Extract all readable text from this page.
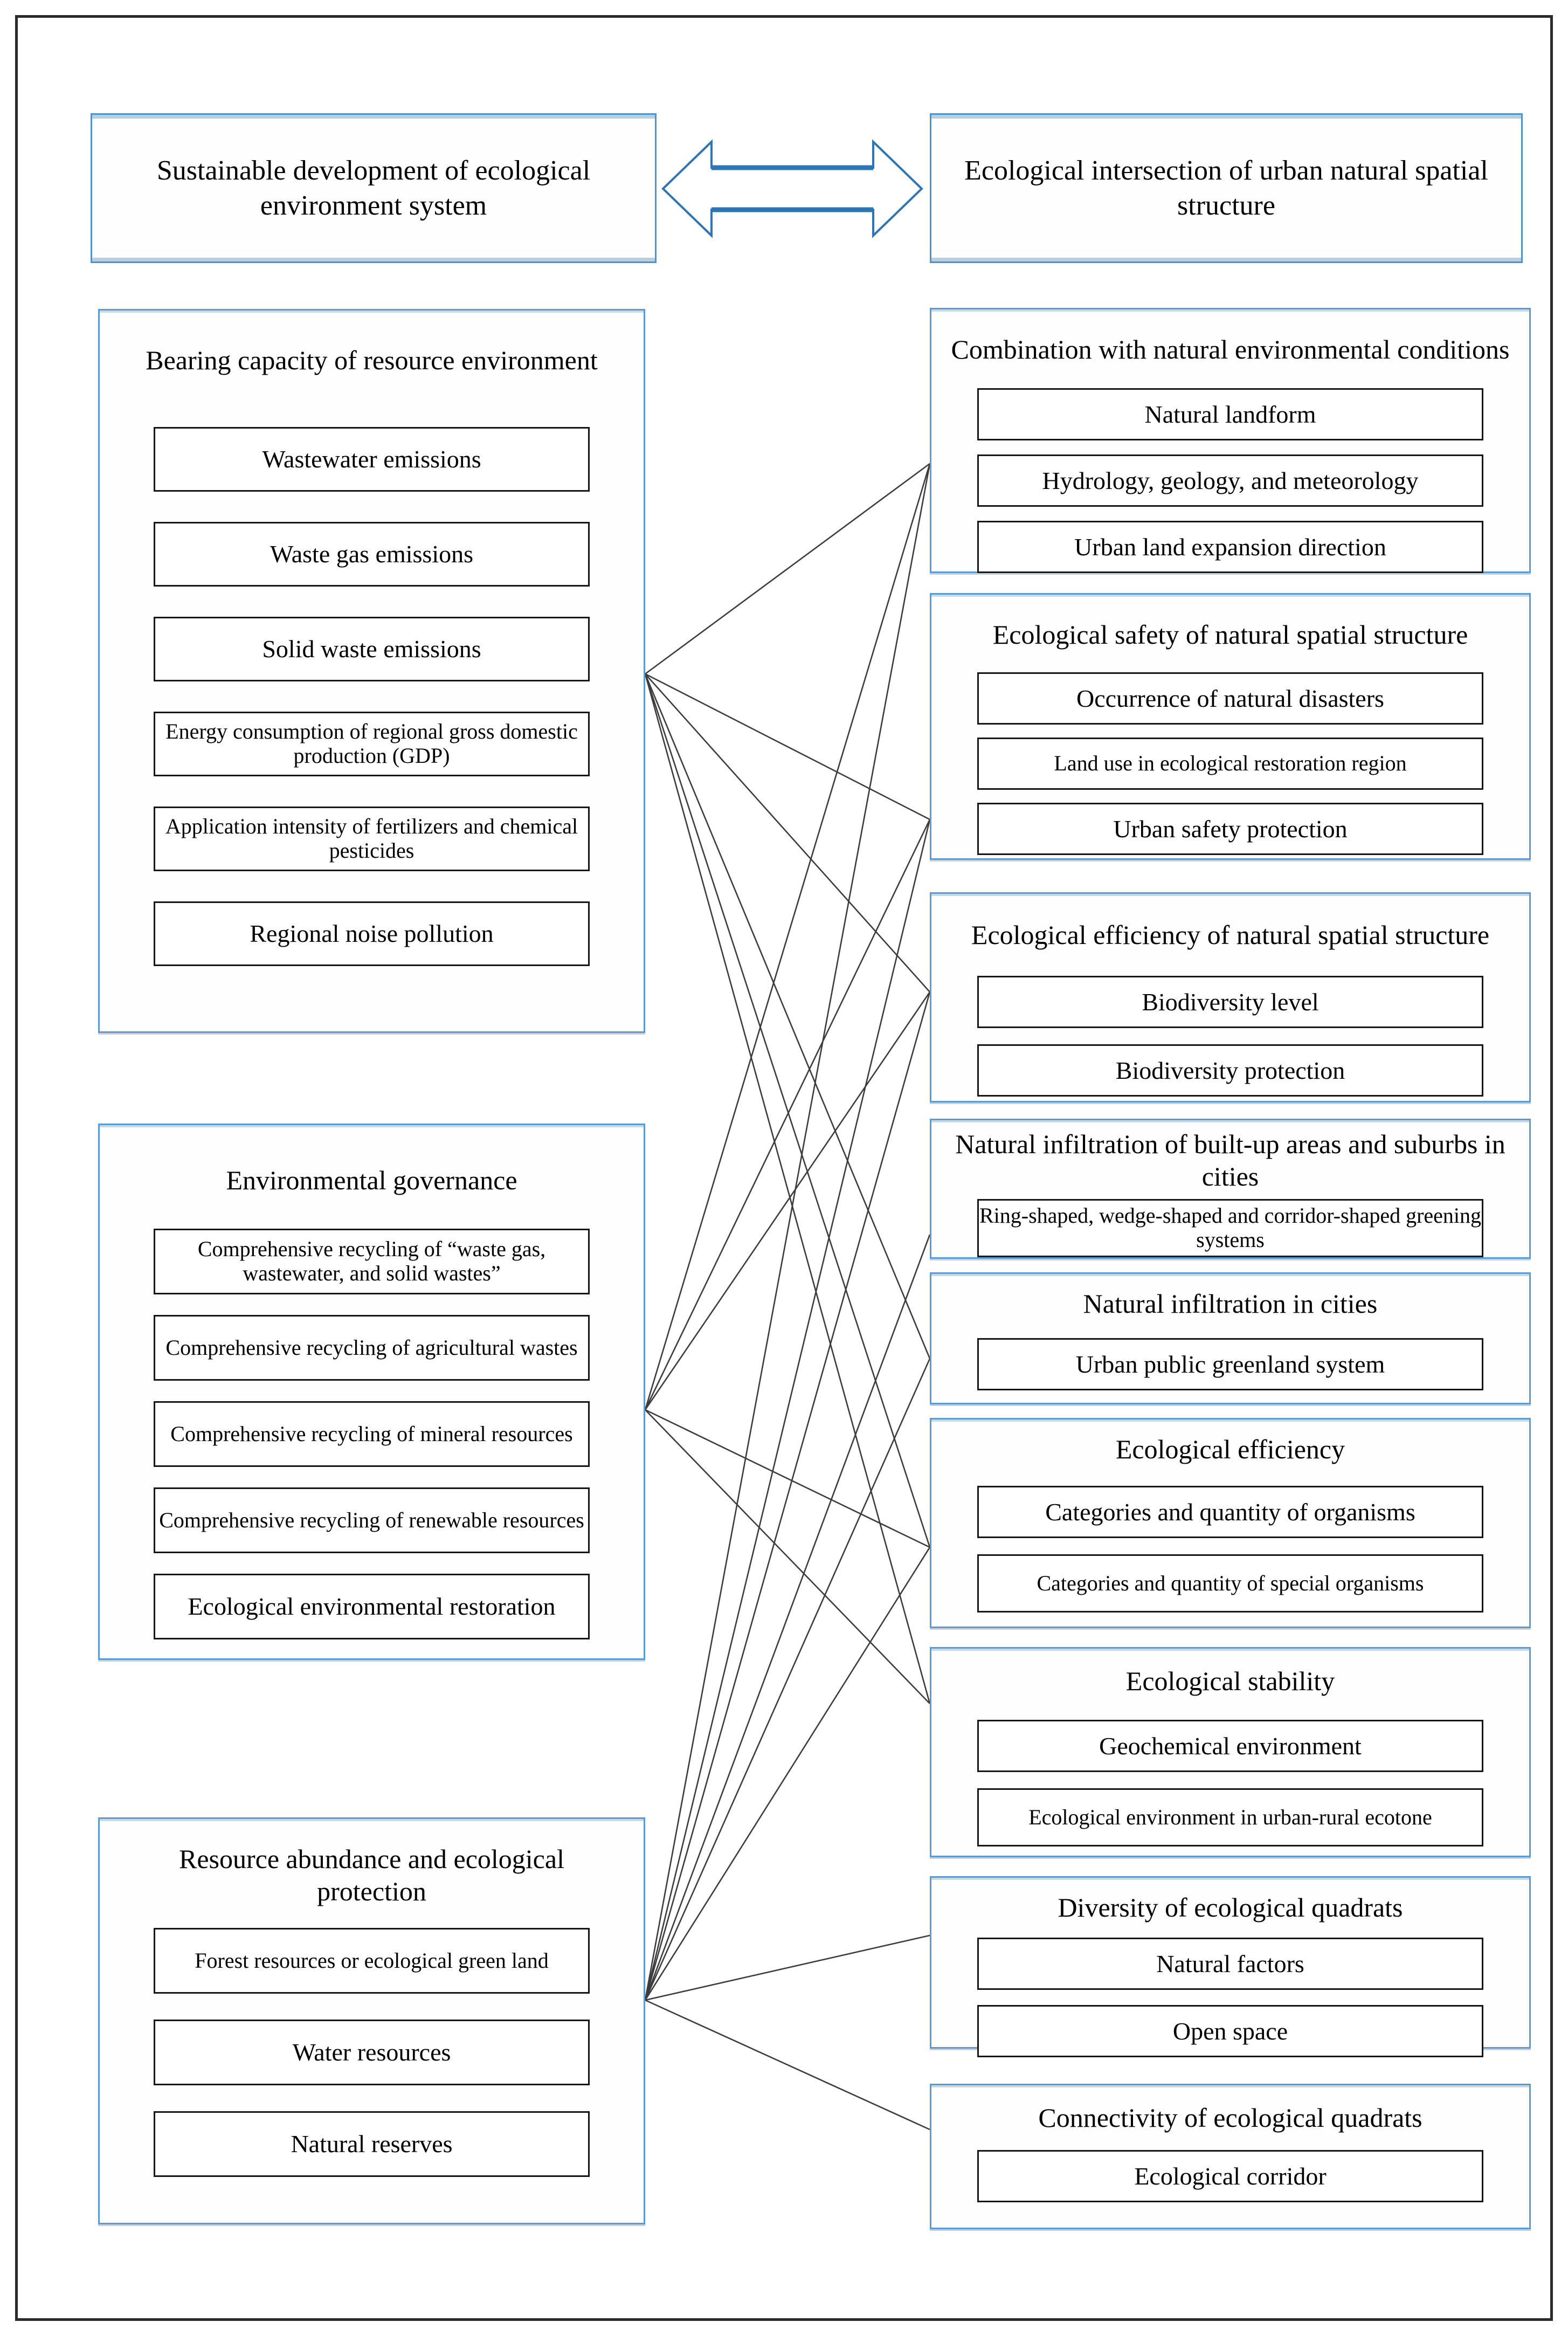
Sustainable development of ecological environment system
Ecological intersection of urban natural spatial structure
Bearing capacity of resource environment
Wastewater emissions
Waste gas emissions
Solid waste emissions
Energy consumption of regional gross domestic production (GDP)
Application intensity of fertilizers and chemical pesticides
Regional noise pollution
Environmental governance
Comprehensive recycling of “waste gas, wastewater, and solid wastes”
Comprehensive recycling of agricultural wastes
Comprehensive recycling of mineral resources
Comprehensive recycling of renewable resources
Ecological environmental restoration
Resource abundance and ecological protection
Forest resources or ecological green land
Water resources
Natural reserves
Combination with natural environmental conditions
Natural landform
Hydrology, geology, and meteorology
Urban land expansion direction
Ecological safety of natural spatial structure
Occurrence of natural disasters
Land use in ecological restoration region
Urban safety protection
Ecological efficiency of natural spatial structure
Biodiversity level
Biodiversity protection
Natural infiltration of built-up areas and suburbs in cities
Ring-shaped, wedge-shaped and corridor-shaped greening systems
Natural infiltration in cities
Urban public greenland system
Ecological efficiency
Categories and quantity of organisms
Categories and quantity of special organisms
Ecological stability
Geochemical environment
Ecological environment in urban-rural ecotone
Diversity of ecological quadrats
Natural factors
Open space
Connectivity of ecological quadrats
Ecological corridor
